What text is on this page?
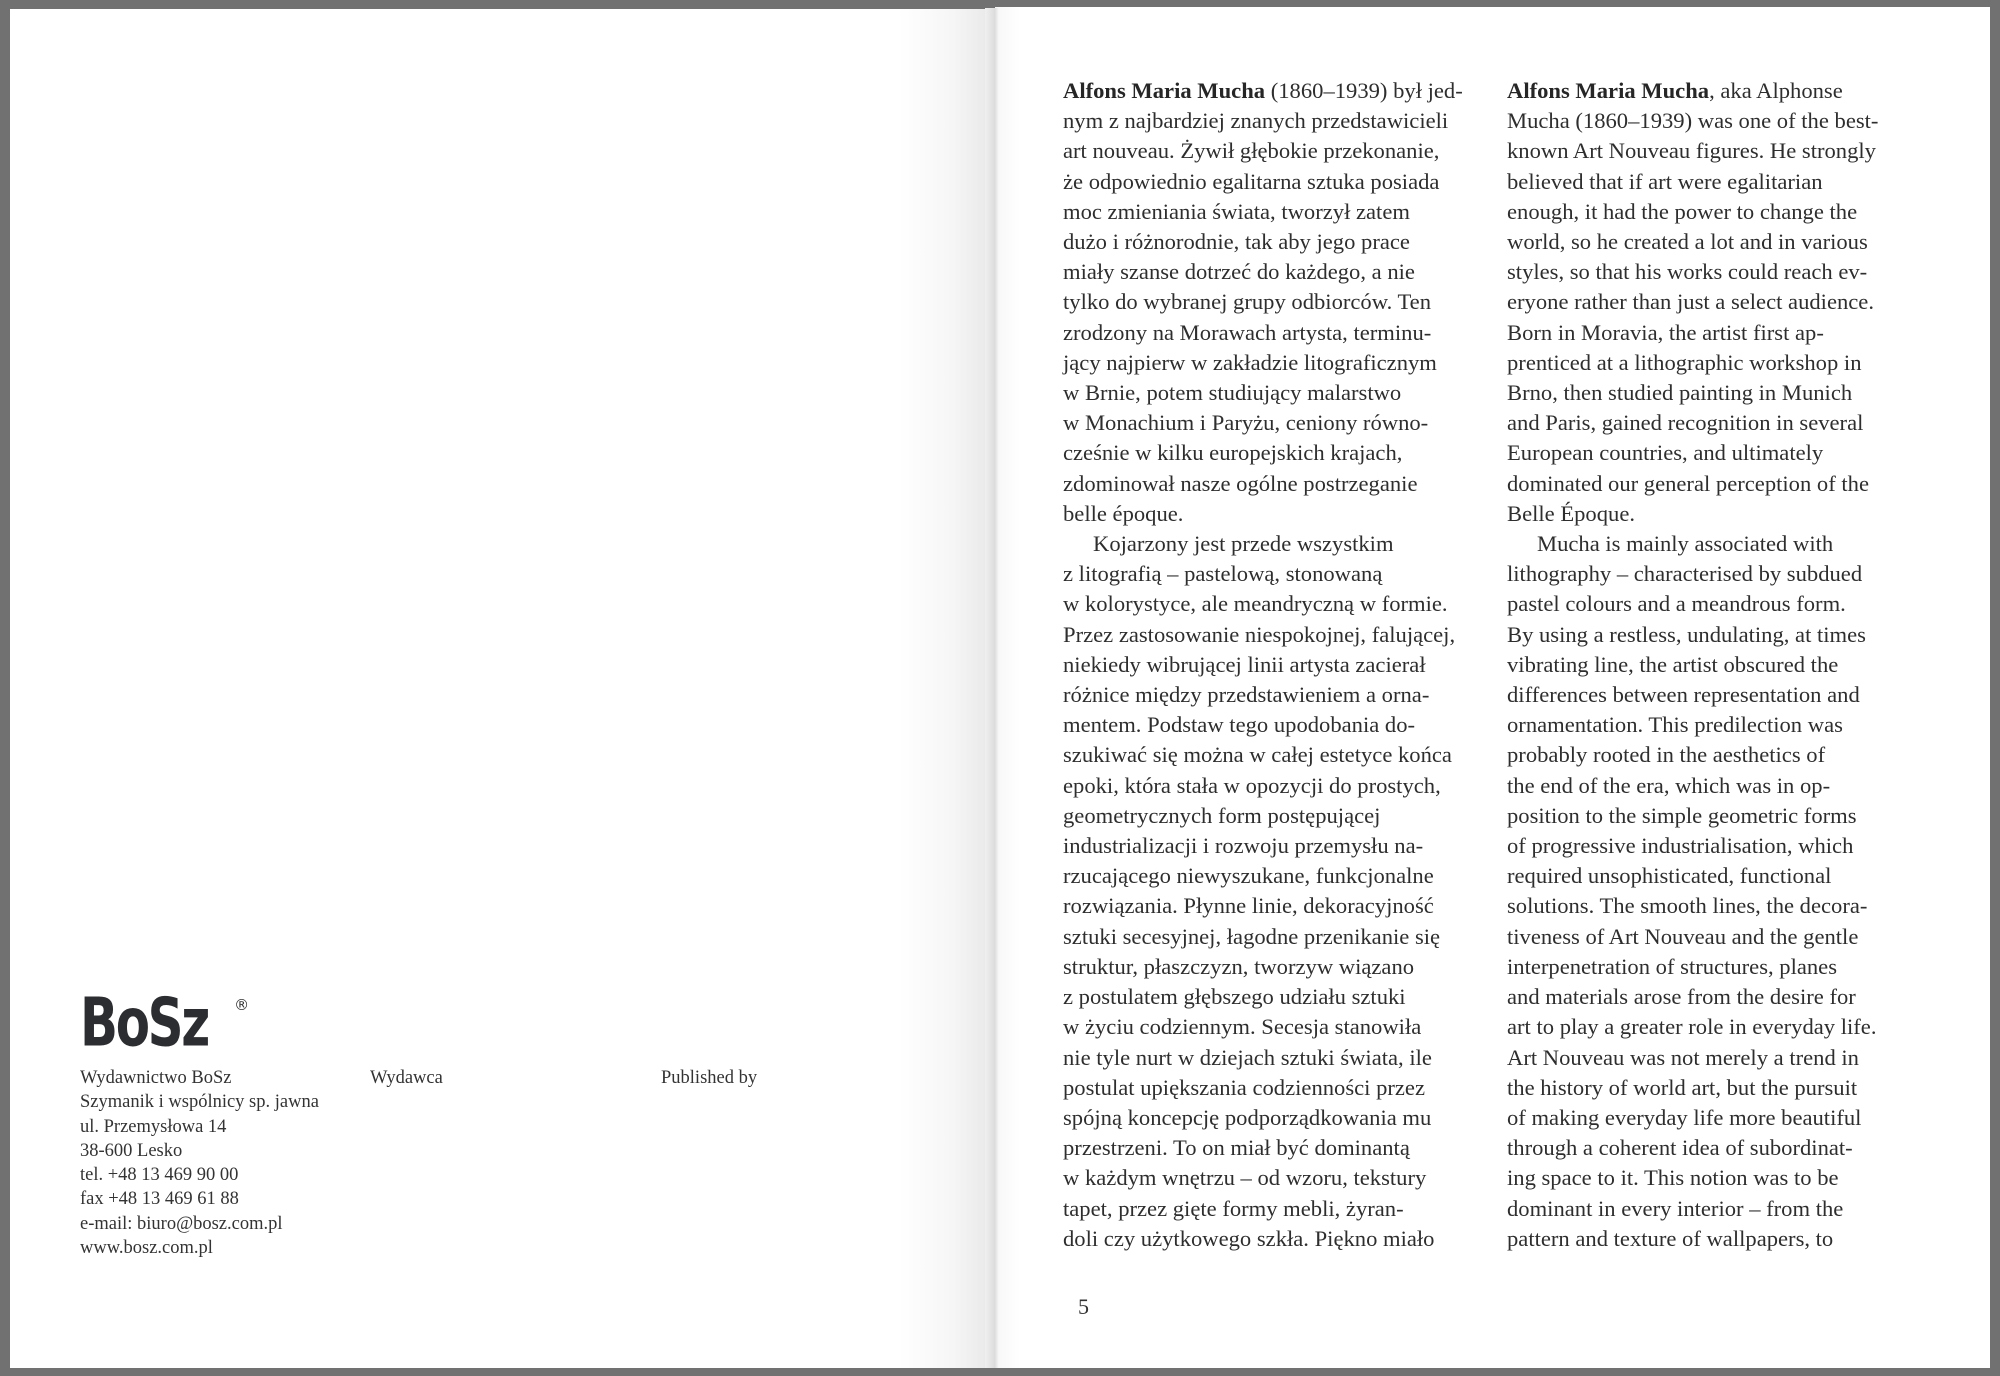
BoSz ®
Wydawnictwo BoSz
Szymanik i wspólnicy sp. jawna
ul. Przemysłowa 14
38-600 Lesko
tel. +48 13 469 90 00
fax +48 13 469 61 88
e-mail: biuro@bosz.com.pl
www.bosz.com.pl
Wydawca	Published by
Alfons Maria Mucha (1860–1939) był jed-
nym z najbardziej znanych przedstawicieli
art nouveau. Żywił głębokie przekonanie,
że odpowiednio egalitarna sztuka posiada
moc zmieniania świata, tworzył zatem
dużo i różnorodnie, tak aby jego prace
miały szanse dotrzeć do każdego, a nie
tylko do wybranej grupy odbiorców. Ten
zrodzony na Morawach artysta, terminu-
jący najpierw w zakładzie litograficznym
w Brnie, potem studiujący malarstwo
w Monachium i Paryżu, ceniony równo-
cześnie w kilku europejskich krajach,
zdominował nasze ogólne postrzeganie
belle époque.
Kojarzony jest przede wszystkim
z litografią – pastelową, stonowaną
w kolorystyce, ale meandryczną w formie.
Przez zastosowanie niespokojnej, falującej,
niekiedy wibrującej linii artysta zacierał
różnice między przedstawieniem a orna-
mentem. Podstaw tego upodobania do-
szukiwać się można w całej estetyce końca
epoki, która stała w opozycji do prostych,
geometrycznych form postępującej
industrializacji i rozwoju przemysłu na-
rzucającego niewyszukane, funkcjonalne
rozwiązania. Płynne linie, dekoracyjność
sztuki secesyjnej, łagodne przenikanie się
struktur, płaszczyzn, tworzyw wiązano
z postulatem głębszego udziału sztuki
w życiu codziennym. Secesja stanowiła
nie tyle nurt w dziejach sztuki świata, ile
postulat upiększania codzienności przez
spójną koncepcję podporządkowania mu
przestrzeni. To on miał być dominantą
w każdym wnętrzu – od wzoru, tekstury
tapet, przez gięte formy mebli, żyran-
doli czy użytkowego szkła. Piękno miało
Alfons Maria Mucha, aka Alphonse
Mucha (1860–1939) was one of the best-
known Art Nouveau figures. He strongly
believed that if art were egalitarian
enough, it had the power to change the
world, so he created a lot and in various
styles, so that his works could reach ev-
eryone rather than just a select audience.
Born in Moravia, the artist first ap-
prenticed at a lithographic workshop in
Brno, then studied painting in Munich
and Paris, gained recognition in several
European countries, and ultimately
dominated our general perception of the
Belle Époque.
Mucha is mainly associated with
lithography – characterised by subdued
pastel colours and a meandrous form.
By using a restless, undulating, at times
vibrating line, the artist obscured the
differences between representation and
ornamentation. This predilection was
probably rooted in the aesthetics of
the end of the era, which was in op-
position to the simple geometric forms
of progressive industrialisation, which
required unsophisticated, functional
solutions. The smooth lines, the decora-
tiveness of Art Nouveau and the gentle
interpenetration of structures, planes
and materials arose from the desire for
art to play a greater role in everyday life.
Art Nouveau was not merely a trend in
the history of world art, but the pursuit
of making everyday life more beautiful
through a coherent idea of subordinat-
ing space to it. This notion was to be
dominant in every interior – from the
pattern and texture of wallpapers, to
5
